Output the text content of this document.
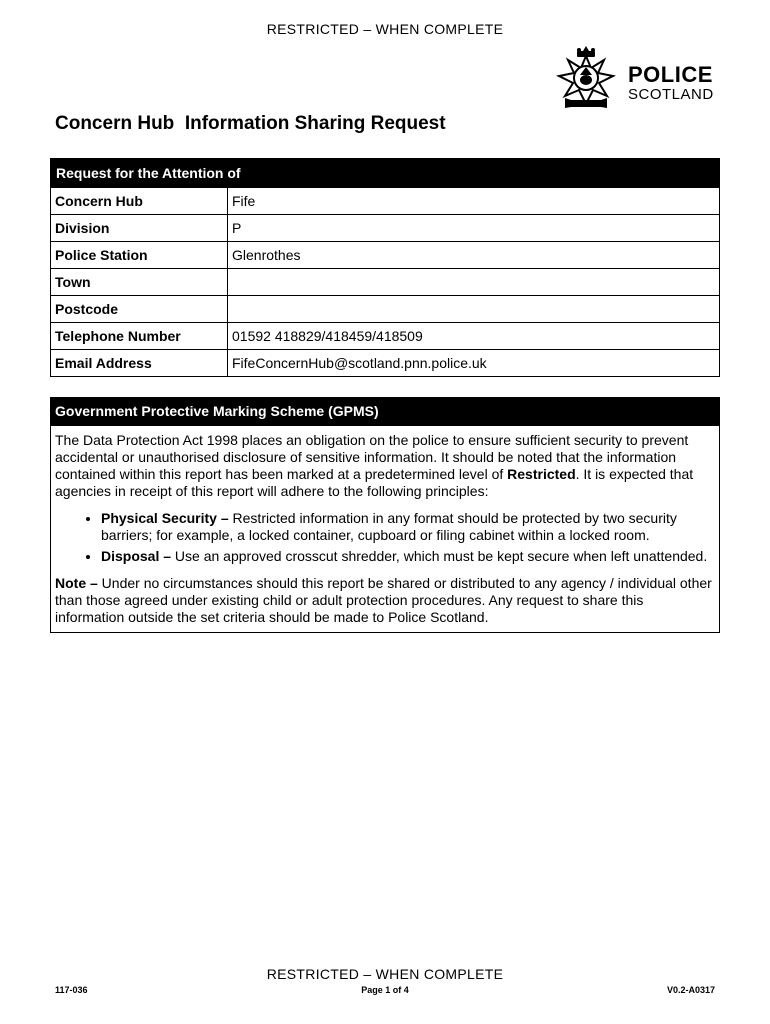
RESTRICTED – WHEN COMPLETE
POLICE
SCOTLAND
Concern Hub  Information Sharing Request
Request for the Attention of	
Concern Hub	Fife
Division	P
Police Station	Glenrothes
Town	
Postcode	
Telephone Number	01592 418829/418459/418509
Email Address	FifeConcernHub@scotland.pnn.police.uk
Government Protective Marking Scheme (GPMS)

The Data Protection Act 1998 places an obligation on the police to ensure sufficient security to prevent accidental or unauthorised disclosure of sensitive information. It should be noted that the information contained within this report has been marked at a predetermined level of Restricted. It is expected that agencies in receipt of this report will adhere to the following principles:

• Physical Security – Restricted information in any format should be protected by two security barriers; for example, a locked container, cupboard or filing cabinet within a locked room.
• Disposal – Use an approved crosscut shredder, which must be kept secure when left unattended.

Note – Under no circumstances should this report be shared or distributed to any agency / individual other than those agreed under existing child or adult protection procedures. Any request to share this information outside the set criteria should be made to Police Scotland.

RESTRICTED – WHEN COMPLETE
117-036	Page 1 of 4	V0.2-A0317
